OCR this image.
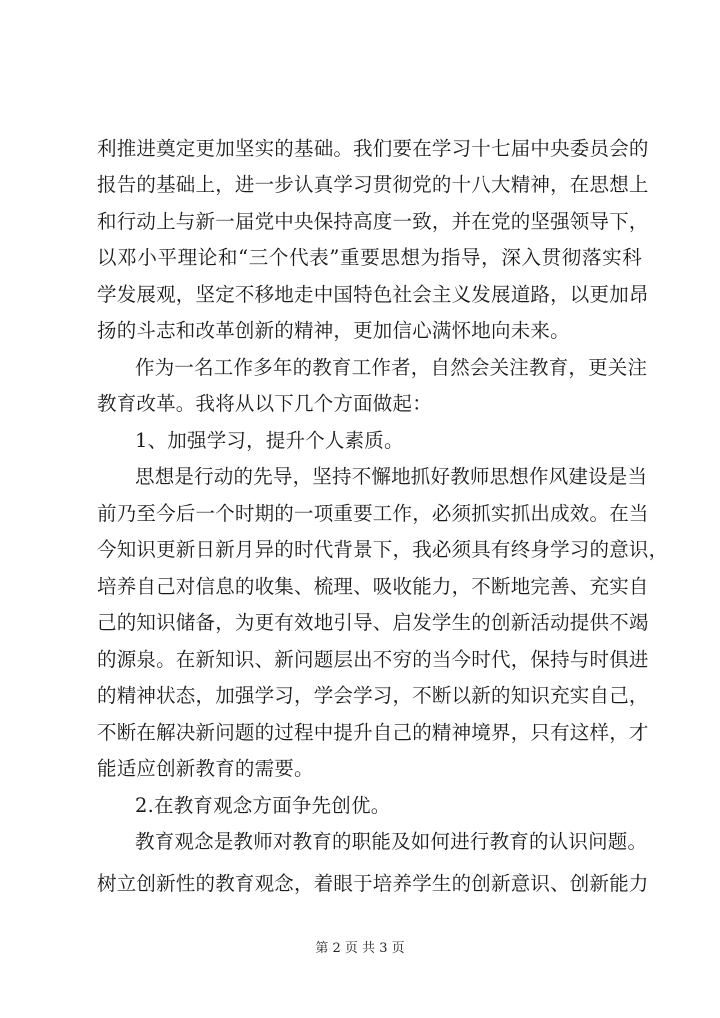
利推进奠定更加坚实的基础。我们要在学习十七届中央委员会的
报告的基础上，进一步认真学习贯彻党的十八大精神，在思想上
和行动上与新一届党中央保持高度一致，并在党的坚强领导下，
以邓小平理论和“三个代表”重要思想为指导，深入贯彻落实科
学发展观，坚定不移地走中国特色社会主义发展道路，以更加昂
扬的斗志和改革创新的精神，更加信心满怀地向未来。
作为一名工作多年的教育工作者，自然会关注教育，更关注
教育改革。我将从以下几个方面做起：
1、加强学习，提升个人素质。
思想是行动的先导，坚持不懈地抓好教师思想作风建设是当
前乃至今后一个时期的一项重要工作，必须抓实抓出成效。在当
今知识更新日新月异的时代背景下，我必须具有终身学习的意识，
培养自己对信息的收集、梳理、吸收能力，不断地完善、充实自
己的知识储备，为更有效地引导、启发学生的创新活动提供不竭
的源泉。在新知识、新问题层出不穷的当今时代，保持与时俱进
的精神状态，加强学习，学会学习，不断以新的知识充实自己，
不断在解决新问题的过程中提升自己的精神境界，只有这样，才
能适应创新教育的需要。
2.在教育观念方面争先创优。
教育观念是教师对教育的职能及如何进行教育的认识问题。
树立创新性的教育观念，着眼于培养学生的创新意识、创新能力
第 2 页 共 3 页
